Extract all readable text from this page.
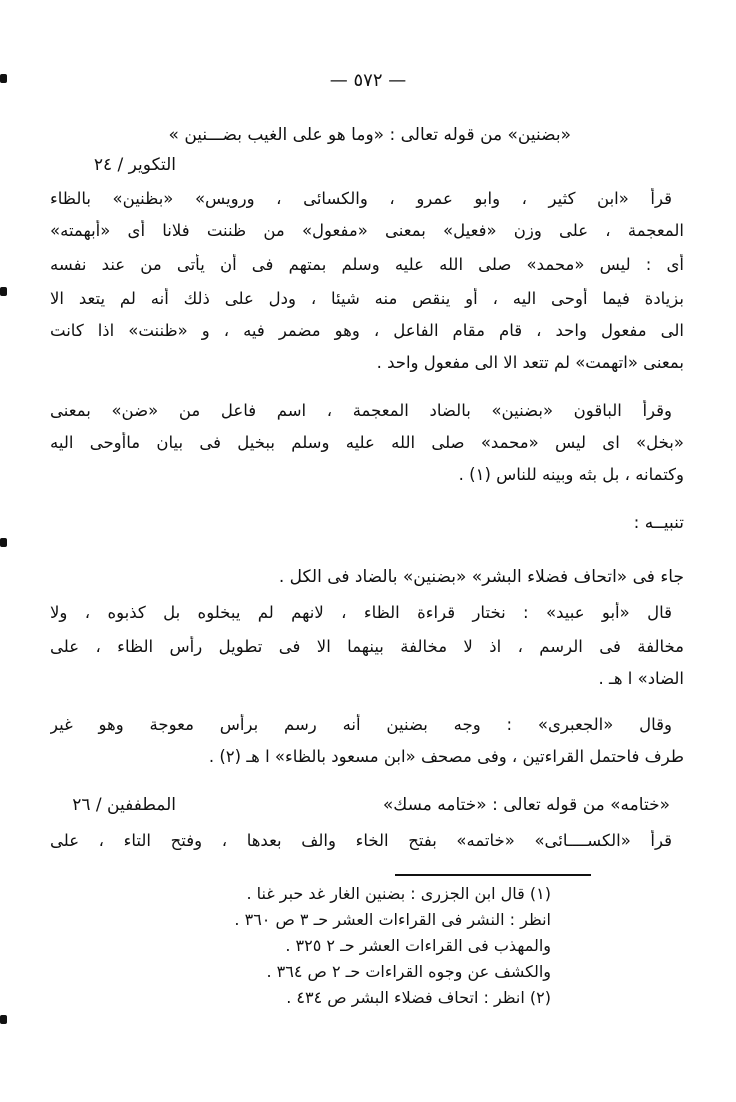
— ٥٧٢ —
«بضنين» من قوله تعالى : «وما هو على الغيب بضـــنين »
التكوير / ٢٤
قرأ «ابن كثير ، وابو عمرو ، والكسائى ، ورويس» «بظنين» بالظاء
المعجمة ، على وزن «فعيل» بمعنى «مفعول» من ظننت فلانا أى «أبهمته»
أى : ليس «محمد» صلى الله عليه وسلم بمتهم فى أن يأتى من عند نفسه
بزيادة فيما أوحى اليه ، أو ينقص منه شيئا ، ودل على ذلك أنه لم يتعد الا
الى مفعول واحد ، قام مقام الفاعل ، وهو مضمر فيه ، و «ظننت» اذا كانت
بمعنى «اتهمت» لم تتعد الا الى مفعول واحد .
وقرأ الباقون «بضنين» بالضاد المعجمة ، اسم فاعل من «ضن» بمعنى
«بخل» اى ليس «محمد» صلى الله عليه وسلم ببخيل فى بيان ماأوحى اليه
وكتمانه ، بل بثه وبينه للناس (١) .
تنبيــه :
جاء فى «اتحاف فضلاء البشر» «بضنين» بالضاد فى الكل .
قال «أبو عبيد» : نختار قراءة الظاء ، لانهم لم يبخلوه بل كذبوه ، ولا
مخالفة فى الرسم ، اذ لا مخالفة بينهما الا فى تطويل رأس الظاء ، على
الضاد» ا هـ .
وقال «الجعبرى» : وجه بضنين أنه رسم برأس معوجة وهو غير
طرف فاحتمل القراءتين ، وفى مصحف «ابن مسعود بالظاء» ا هـ (٢) .
«ختامه» من قوله تعالى : «ختامه مسك»
المطففين / ٢٦
قرأ «الكســــائى» «خاتمه» بفتح الخاء والف بعدها ، وفتح التاء ، على
(١) قال ابن الجزرى : بضنين الغار غد حبر غنا .
انظر : النشر فى القراءات العشر حـ ٣ ص ٣٦٠ .
والمهذب فى القراءات العشر حـ ٢ ٣٢٥ .
والكشف عن وجوه القراءات حـ ٢ ص ٣٦٤ .
(٢) انظر : اتحاف فضلاء البشر ص ٤٣٤ .
